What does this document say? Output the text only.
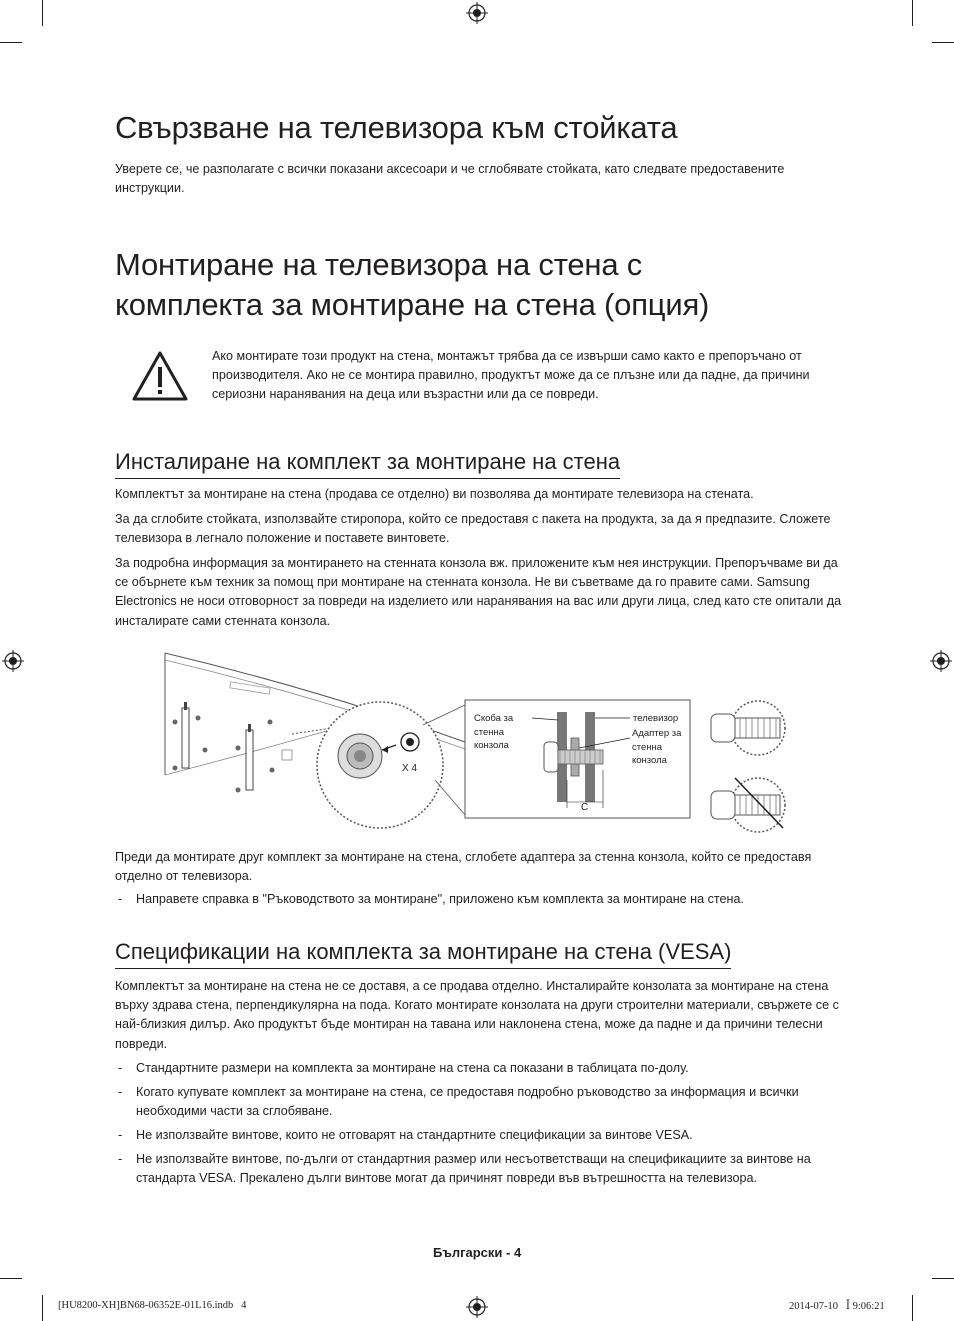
Свързване на телевизора към стойката

Уверете се, че разполагате с всички показани аксесоари и че сглобявате стойката, като следвате предоставените инструкции.

Монтиране на телевизора на стена с
комплекта за монтиране на стена (опция)

Ако монтирате този продукт на стена, монтажът трябва да се извърши само както е препоръчано от производителя. Ако не се монтира правилно, продуктът може да се плъзне или да падне, да причини сериозни наранявания на деца или възрастни или да се повреди.

Инсталиране на комплект за монтиране на стена

Комплектът за монтиране на стена (продава се отделно) ви позволява да монтирате телевизора на стената.

За да сглобите стойката, използвайте стиропора, който се предоставя с пакета на продукта, за да я предпазите. Сложете телевизора в легнало положение и поставете винтовете.

За подробна информация за монтирането на стенната конзола вж. приложените към нея инструкции. Препоръчваме ви да се обърнете към техник за помощ при монтиране на стенната конзола. Не ви съветваме да го правите сами. Samsung Electronics не носи отговорност за повреди на изделието или наранявания на вас или други лица, след като сте опитали да инсталирате сами стенната конзола.

X 4
Скоба за стенна конзола
телевизор
Адаптер за стенна конзола
C

Преди да монтирате друг комплект за монтиране на стена, сглобете адаптера за стенна конзола, който се предоставя отделно от телевизора.

- Направете справка в "Ръководството за монтиране", приложено към комплекта за монтиране на стена.
Спецификации на комплекта за монтиране на стена (VESA)

Комплектът за монтиране на стена не се доставя, а се продава отделно. Инсталирайте конзолата за монтиране на стена върху здрава стена, перпендикулярна на пода. Когато монтирате конзолата на други строителни материали, свържете се с най-близкия дилър. Ако продуктът бъде монтиран на тавана или наклонена стена, може да падне и да причини телесни повреди.

- Стандартните размери на комплекта за монтиране на стена са показани в таблицата по-долу.
- Когато купувате комплект за монтиране на стена, се предоставя подробно ръководство за информация и всички необходими части за сглобяване.
- Не използвайте винтове, които не отговарят на стандартните спецификации за винтове VESA.
- Не използвайте винтове, по-дълги от стандартния размер или несъответстващи на спецификациите за винтове на стандарта VESA. Прекалено дълги винтове могат да причинят повреди във вътрешността на телевизора.
Български - 4
[HU8200-XH]BN68-06352E-01L16.indb   4	2014-07-10   ꟾ 9:06:21
